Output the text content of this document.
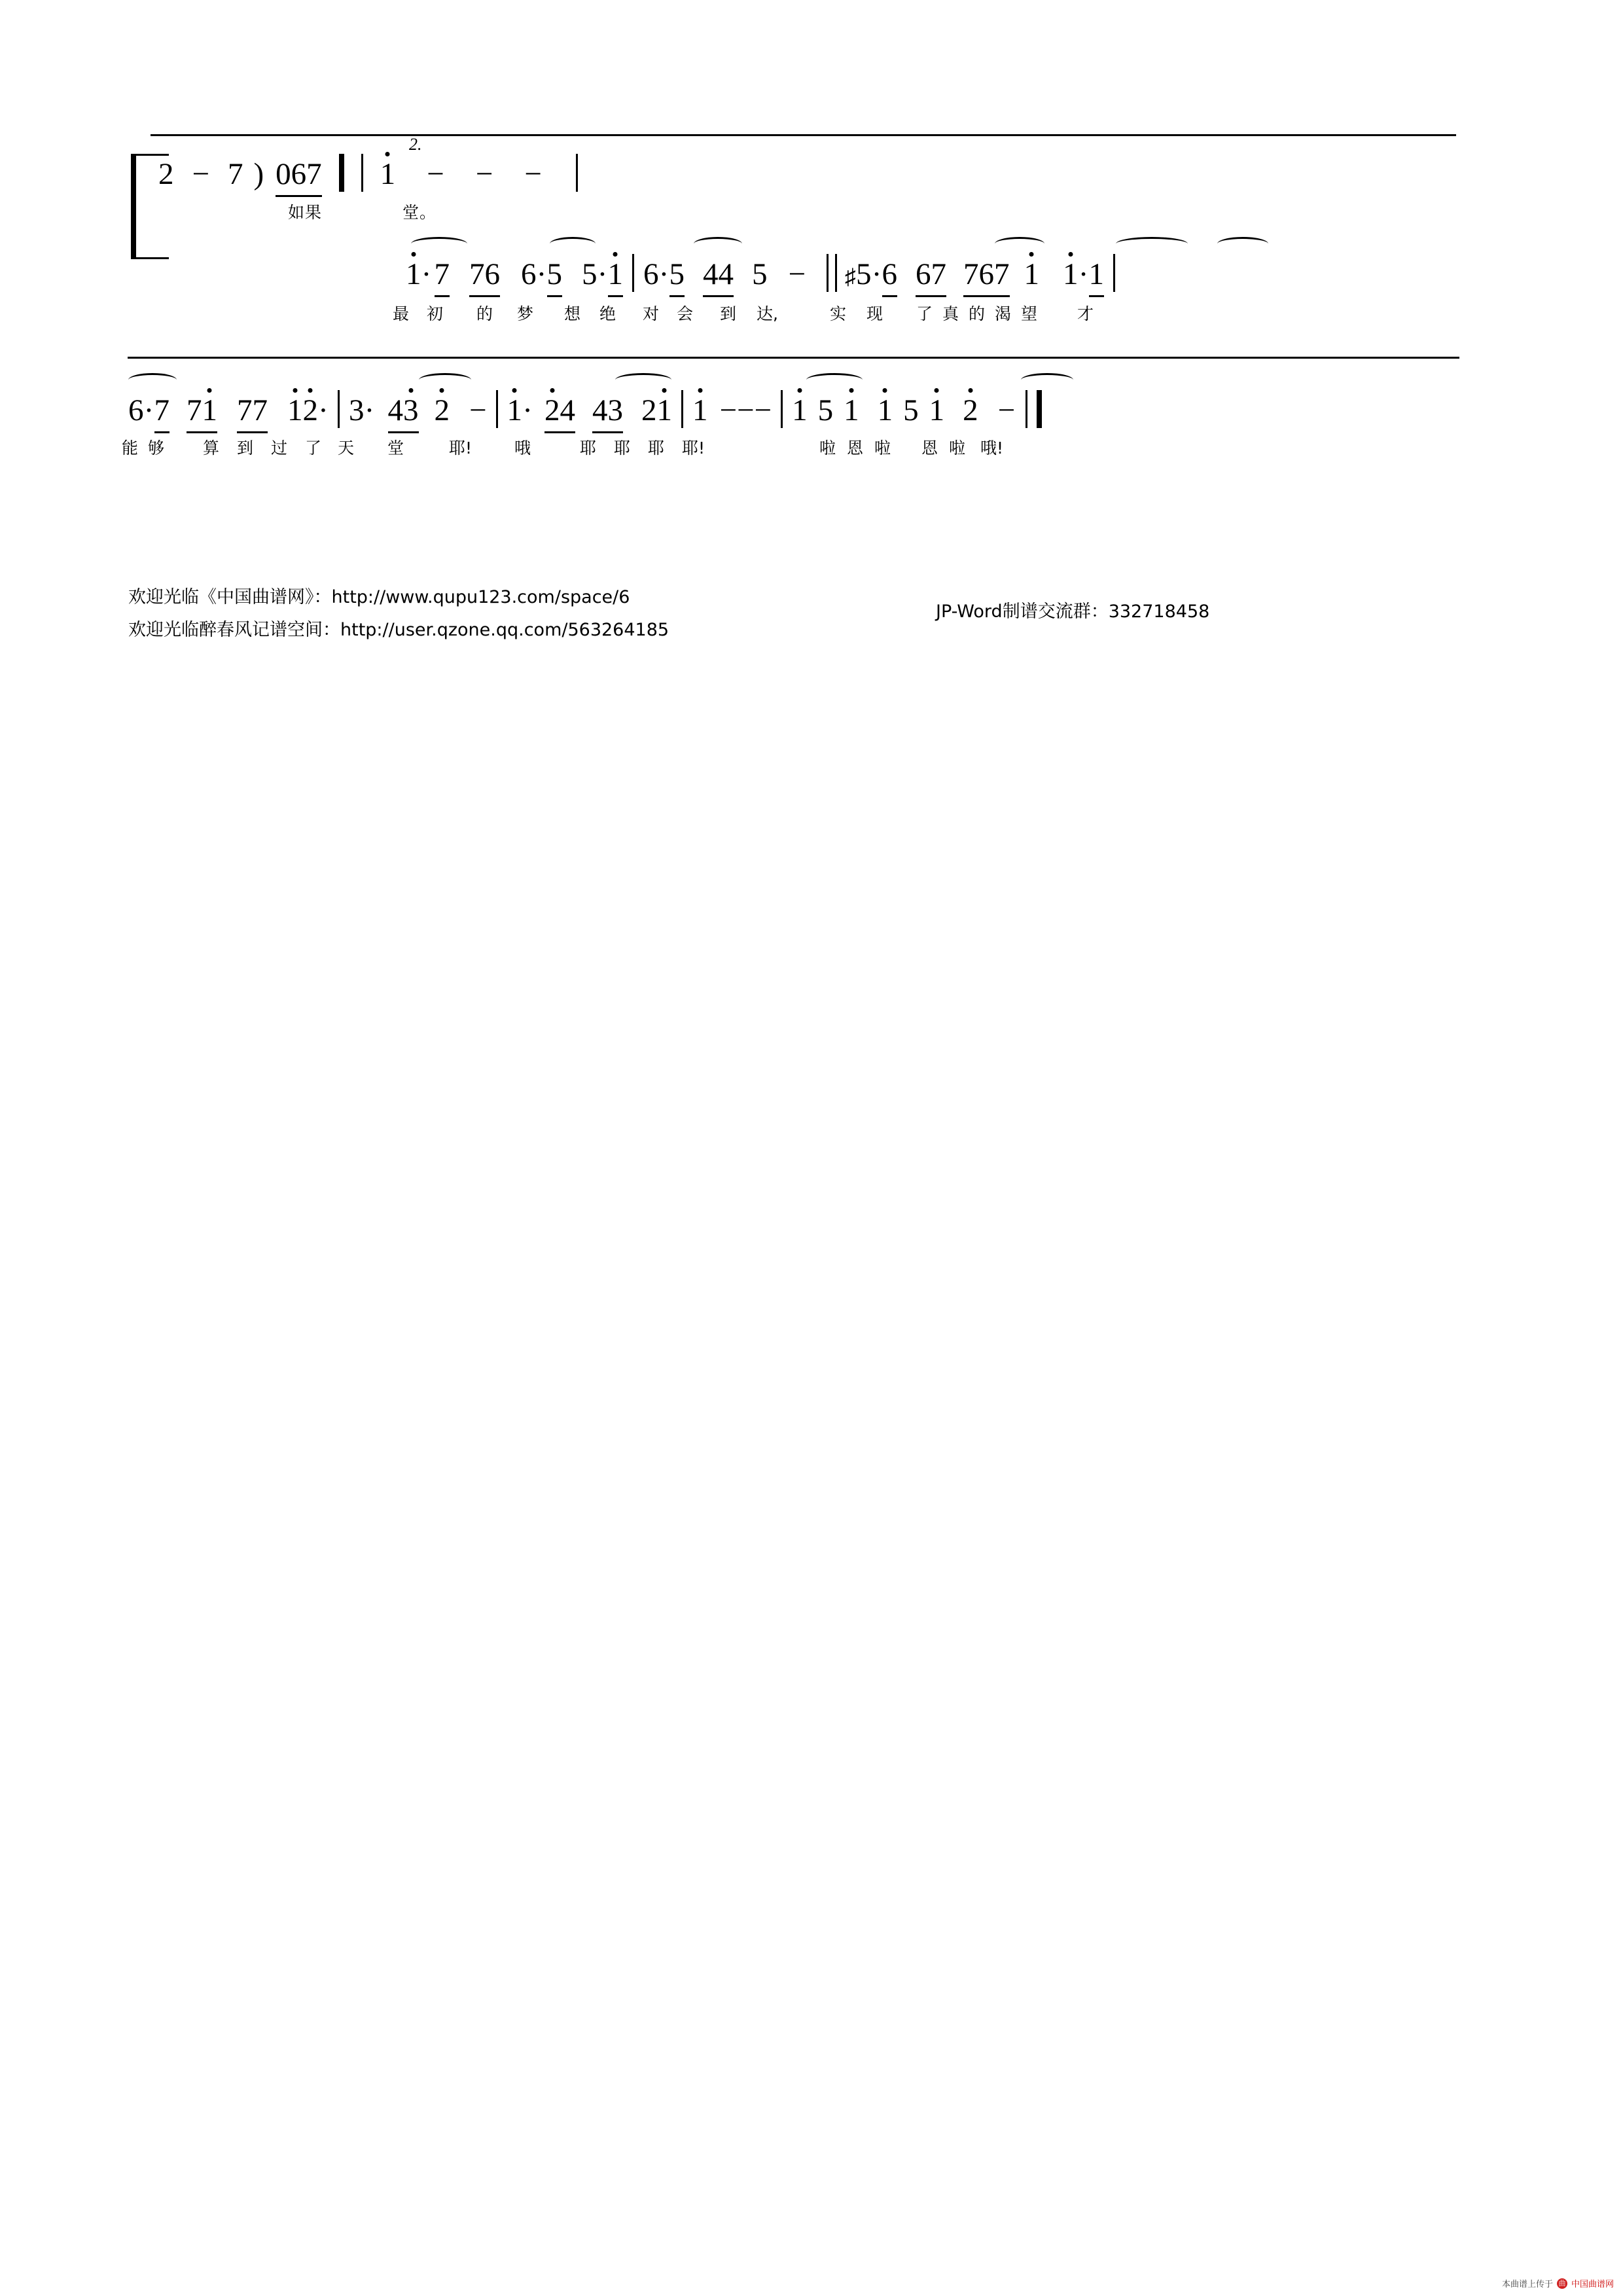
2 − 7 ) 067 1 − − −
2.
如果	堂。
1· 7 76 6·5 5·1 6·5 44 5 − ♯5·6 67 767 1 1·1
最 初 的 梦 想 绝 对 会 到 达,	实 现 了 真 的 渴 望 才
6·7 71 77 12· 3· 43 2 − 1· 24 43 21 1 −−− 1 5 1 1 5 1 2 −
能 够 算 到 过 了 天 堂	耶!	哦	耶 耶 耶 耶!	啦 恩 啦 恩 啦 哦!
欢迎光临《中国曲谱网》：http://www.qupu123.com/space/6
欢迎光临醉春风记谱空间：http://user.qzone.qq.com/563264185
JP-Word制谱交流群：332718458
本曲谱上传于 曲 中国曲谱网
